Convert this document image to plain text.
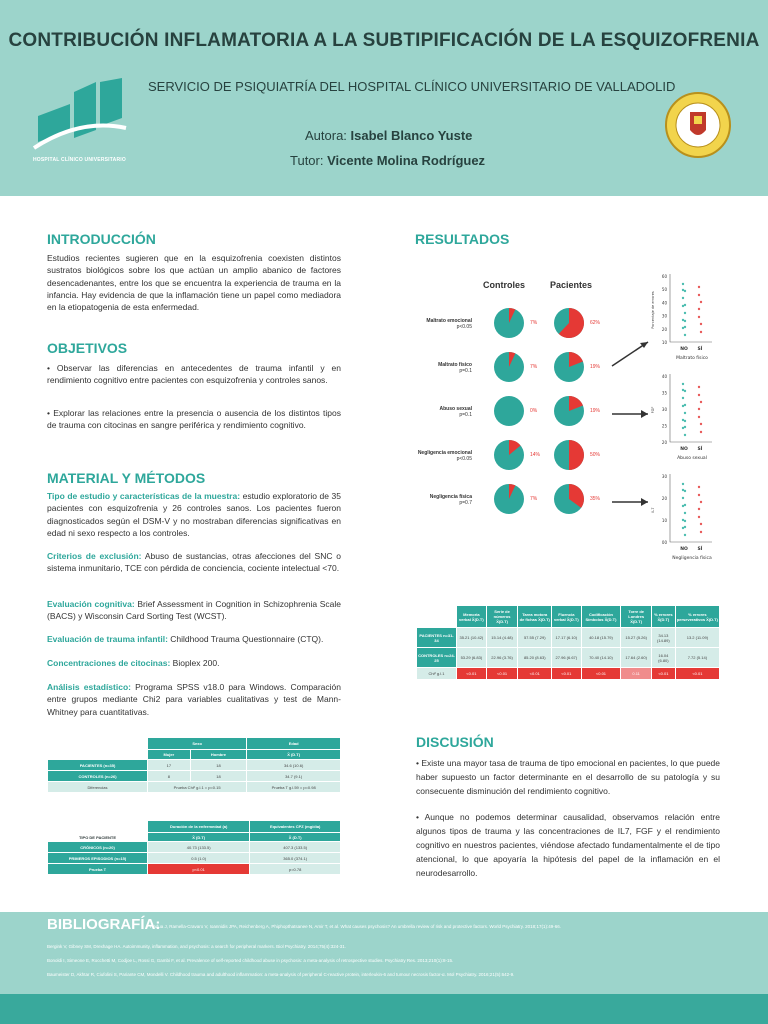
CONTRIBUCIÓN INFLAMATORIA A LA SUBTIPIFICACIÓN DE LA ESQUIZOFRENIA
SERVICIO DE PSIQUIATRÍA DEL HOSPITAL CLÍNICO UNIVERSITARIO DE VALLADOLID
Autora: Isabel Blanco Yuste
Tutor: Vicente Molina Rodríguez
HOSPITAL CLÍNICO UNIVERSITARIO
INTRODUCCIÓN
Estudios recientes sugieren que en la esquizofrenia coexisten distintos sustratos biológicos sobre los que actúan un amplio abanico de factores desencadenantes, entre los que se encuentra la experiencia de trauma en la infancia. Hay evidencia de que la inflamación tiene un papel como mediadora en la etiopatogenia de esta enfermedad.
OBJETIVOS
• Observar las diferencias en antecedentes de trauma infantil y en rendimiento cognitivo entre pacientes con esquizofrenia y controles sanos.
• Explorar las relaciones entre la presencia o ausencia de los distintos tipos de trauma con citocinas en sangre periférica y rendimiento cognitivo.
MATERIAL Y MÉTODOS
Tipo de estudio y características de la muestra: estudio exploratorio de 35 pacientes con esquizofrenia y 26 controles sanos. Los pacientes fueron diagnosticados según el DSM-V y no mostraban diferencias significativas en edad ni sexo respecto a los controles.
Criterios de exclusión: Abuso de sustancias, otras afecciones del SNC o sistema inmunitario, TCE con pérdida de conciencia, cociente intelectual <70.
Evaluación cognitiva: Brief Assessment in Cognition in Schizophrenia Scale (BACS) y Wisconsin Card Sorting Test (WCST).
Evaluación de trauma infantil: Childhood Trauma Questionnaire (CTQ).
Concentraciones de citocinas: Bioplex 200.
Análisis estadístico: Programa SPSS v18.0 para Windows. Comparación entre grupos mediante Chi2 para variables cualitativas y test de Mann-Whitney para cuantitativas.
	Sexo		Edad
	Mujer	Hombre	X̄ (D.T)
PACIENTES (n=35)	17	18	34.6 (10.6)
CONTROLES (n=26)	8	18	34.7 (9.1)
Diferencias	Prueba Chi² g.l.1 = p=0.15		Prueba T g.l.59 = p=0.98
	Duración de la enfermedad (a)	Equivalentes CPZ (mg/día)
TIPO DE PACIENTE	X̄ (D.T)	X̄ (D.T)
CRÓNICOS (n=20)	40.73 (133.5)	407.3 (133.5)
PRIMEROS EPISODIOS (n=15)	0.5 (1.0)	365.0 (374.1)
Prueba T	p<0.01	p=0.78
RESULTADOS
Controles	Pacientes
Maltrato emocional
p<0.05
7%	62%
Maltrato físico
p=0.1
7%	19%
Abuso sexual
p=0.1
0%	19%
Negligencia emocional
p<0.05
14%	50%
Negligencia física
p=0.7
7%	35%
60
50
40
30
20
10
Porcentaje de errores
NO SÍ
Maltrato físico
40
35
30
25
20
FGF
NO SÍ
Abuso sexual
30
20
10
00
IL7
NO SÍ
Negligencia física
	Memoria verbal X̄(D.T)	Serie de números X̄(D.T)	Tarea motora de fichas X̄(D.T)	Fluencia verbal X̄(D.T)	Codificación Símbolos X̄(D.T)	Torre de Londres X̄(D.T)	% errores X̄(D.T)	% errores perseverativos X̄(D.T)
PACIENTES n=31-34	35.21 (10.42)	15.14 (4.48)	57.55 (7.29)	17.17 (6.10)	40.18 (15.79)	15.27 (5.26)	34.13 (14.89)	13.2 (11.09)
CONTROLES n=24-25	53.29 (6.83)	22.96 (3.76)	85.20 (8.63)	27.96 (6.67)	70.40 (14.10)	17.64 (2.60)	16.04 (6.80)	7.72 (5.14)
Chi² g.l.1	<0.01	<0.01	<0.01	<0.01	<0.01	0.11	<0.01	<0.01
DISCUSIÓN
• Existe una mayor tasa de trauma de tipo emocional en pacientes, lo que puede haber supuesto un factor determinante en el desarrollo de su patología y su consecuente disminución del rendimiento cognitivo.
• Aunque no podemos determinar causalidad, observamos relación entre algunos tipos de trauma y las concentraciones de IL7, FGF y el rendimiento cognitivo en nuestros pacientes, viéndose afectado fundamentalmente el de tipo atencional, lo que apoyaría la hipótesis del papel de la inflamación en el neurodesarrollo.
BIBLIOGRAFÍA:
Radua J, Ramella-Cravaro V, Ioannidis JPA, Reichenberg A, Phiphopthatsanee N, Amir T, et al. What causes psychosis? An umbrella review of risk and protective factors. World Psychiatry. 2018;17(1):49-66.
Bergink V, Gibney SM, Drexhage HA. Autoimmunity, inflammation, and psychosis: a search for peripheral markers. Biol Psychiatry. 2014;75(4):324-31.
Bonoldi I, Simeone E, Rocchetti M, Codjoe L, Rossi G, Gambi F, et al. Prevalence of self-reported childhood abuse in psychosis: a meta-analysis of retrospective studies. Psychiatry Res. 2013;210(1):8-15.
Baumeister D, Akhtar R, Ciufolini S, Pariante CM, Mondelli V. Childhood trauma and adulthood inflammation: a meta-analysis of peripheral C-reactive protein, interleukin-6 and tumour necrosis factor-α. Mol Psychiatry. 2016;21(5):642-9.
